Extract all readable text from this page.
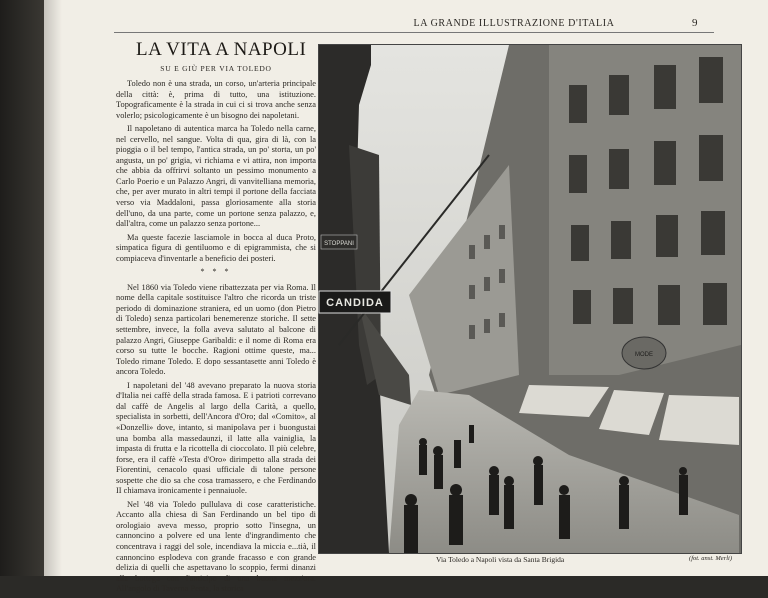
LA GRANDE ILLUSTRAZIONE D'ITALIA	9
LA VITA A NAPOLI
SU E GIÙ PER VIA TOLEDO

Toledo non è una strada, un corso, un'arteria principale della città: è, prima di tutto, una istituzione. Topograficamente è la strada in cui ci si trova anche senza volerlo; psicologicamente è un bisogno dei napoletani.

Il napoletano di autentica marca ha Toledo nella carne, nel cervello, nel sangue. Volta di qua, gira di là, con la pioggia o il bel tempo, l'antica strada, un po' storta, un po' angusta, un po' grigia, vi richiama e vi attira, non importa che abbia da offrirvi soltanto un pessimo monumento a Carlo Poerio e un Palazzo Angri, di vanvitelliana memoria, che, per aver murato in altri tempi il portone della facciata verso via Maddaloni, passa gloriosamente alla storia dell'uno, da una parte, come un portone senza palazzo, e, dall'altra, come un palazzo senza portone...

Ma queste facezie lasciamole in bocca al duca Proto, simpatica figura di gentiluomo e di epigrammista, che si compiaceva d'inventarle a beneficio dei posteri.

* * *

Nel 1860 via Toledo viene ribattezzata per via Roma. Il nome della capitale sostituisce l'altro che ricorda un triste periodo di dominazione straniera, ed un uomo (don Pietro di Toledo) senza particolari benemerenze storiche. Il sette settembre, invece, la folla aveva salutato al balcone di palazzo Angri, Giuseppe Garibaldi: e il nome di Roma era corso su tutte le bocche. Ragioni ottime queste, ma... Toledo rimane Toledo. E dopo sessantasette anni Toledo è ancora Toledo.

I napoletani del '48 avevano preparato la nuova storia d'Italia nei caffè della strada famosa. E i patrioti correvano dal caffè de Angelis al largo della Carità, a quello, specialista in sorbetti, dell'Ancora d'Oro; dal «Comito», al «Donzelli» dove, intanto, si manipolava per i buongustai una bomba alla massedaunzi, il latte alla vainiglia, la impasta di frutta e la ricottella di cioccolato. Il più celebre, forse, era il caffè «Testa d'Oro» dirimpetto alla strada dei Fiorentini, cenacolo quasi ufficiale di talone persone sospette che dio sa che cosa tramassero, e che Ferdinando II chiamava ironicamente i pennaiuole.

Nel '48 via Toledo pullulava di cose caratteristiche. Accanto alla chiesa di San Ferdinando un bel tipo di orologiaio aveva messo, proprio sotto l'insegna, un cannoncino a polvere ed una lente d'ingrandimento che concentrava i raggi del sole, incendiava la miccia e...tià, il cannoncino esplodeva con grande fracasso e con grande delizia di quelli che aspettavano lo scoppio, fermi dinanzi alla bottega con l'anticipo di una buona mezz'ora. All'angolo di Taverna Penta, la storica

CANDIDA
STOPPANI
MODE
Via Toledo a Napoli vista da Santa Brigida	(fot. anst. Merli)
